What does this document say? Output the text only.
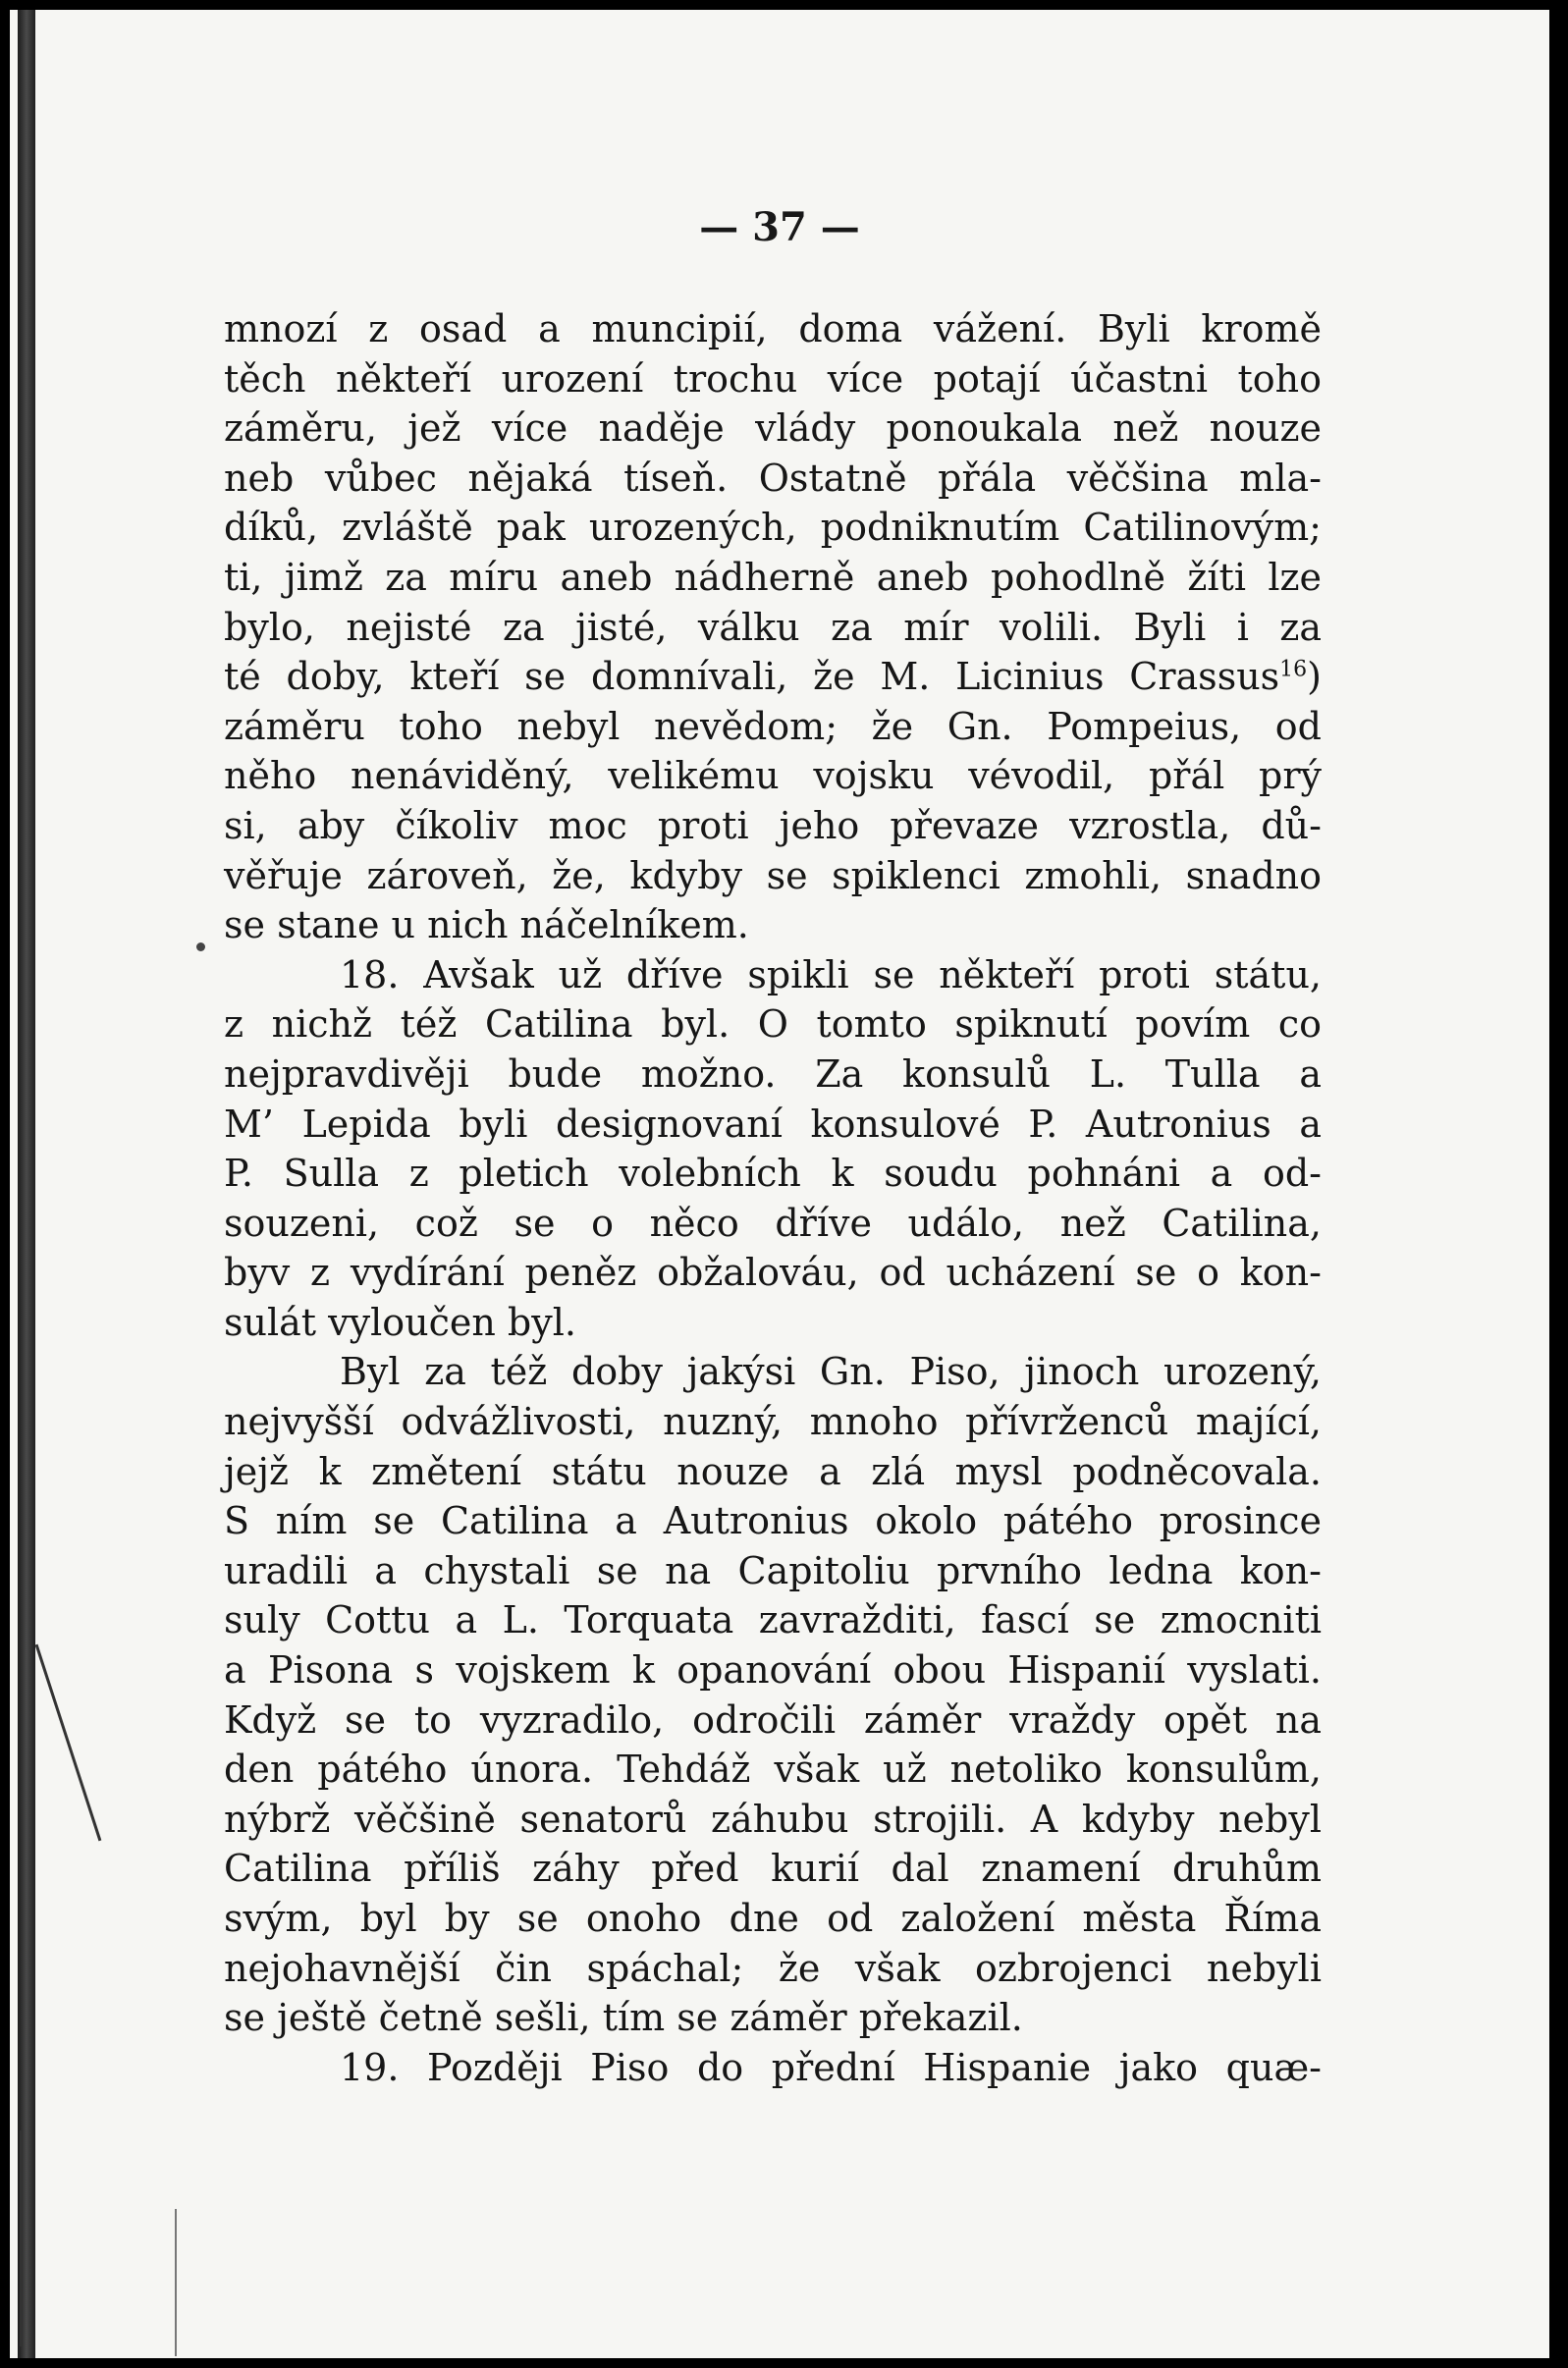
— 37 —
mnozí z osad a muncipií, doma vážení. Byli kromě
těch někteří urození trochu více potají účastni toho
záměru, jež více naděje vlády ponoukala než nouze
neb vůbec nějaká tíseň. Ostatně přála věčšina mla-
díků, zvláště pak urozených, podniknutím Catilinovým;
ti, jimž za míru aneb nádherně aneb pohodlně žíti lze
bylo, nejisté za jisté, válku za mír volili. Byli i za
té doby, kteří se domnívali, že M. Licinius Crassus$^{16}$)
záměru toho nebyl nevědom; že Gn. Pompeius, od
něho nenáviděný, velikému vojsku vévodil, přál prý
si, aby číkoliv moc proti jeho převaze vzrostla, dů-
věřuje zároveň, že, kdyby se spiklenci zmohli, snadno
se stane u nich náčelníkem.
18. Avšak už dříve spikli se někteří proti státu,
z nichž též Catilina byl. O tomto spiknutí povím co
nejpravdivěji bude možno. Za konsulů L. Tulla a
M’ Lepida byli designovaní konsulové P. Autronius a
P. Sulla z pletich volebních k soudu pohnáni a od-
souzeni, což se o něco dříve událo, než Catilina,
byv z vydírání peněz obžalováu, od ucházení se o kon-
sulát vyloučen byl.
Byl za též doby jakýsi Gn. Piso, jinoch urozený,
nejvyšší odvážlivosti, nuzný, mnoho přívrženců mající,
jejž k změtení státu nouze a zlá mysl podněcovala.
S ním se Catilina a Autronius okolo pátého prosince
uradili a chystali se na Capitoliu prvního ledna kon-
suly Cottu a L. Torquata zavražditi, fascí se zmocniti
a Pisona s vojskem k opanování obou Hispanií vyslati.
Když se to vyzradilo, odročili záměr vraždy opět na
den pátého února. Tehdáž však už netoliko konsulům,
nýbrž věčšině senatorů záhubu strojili. A kdyby nebyl
Catilina příliš záhy před kurií dal znamení druhům
svým, byl by se onoho dne od založení města Říma
nejohavnější čin spáchal; že však ozbrojenci nebyli
se ještě četně sešli, tím se záměr překazil.
19. Později Piso do přední Hispanie jako quæ-
